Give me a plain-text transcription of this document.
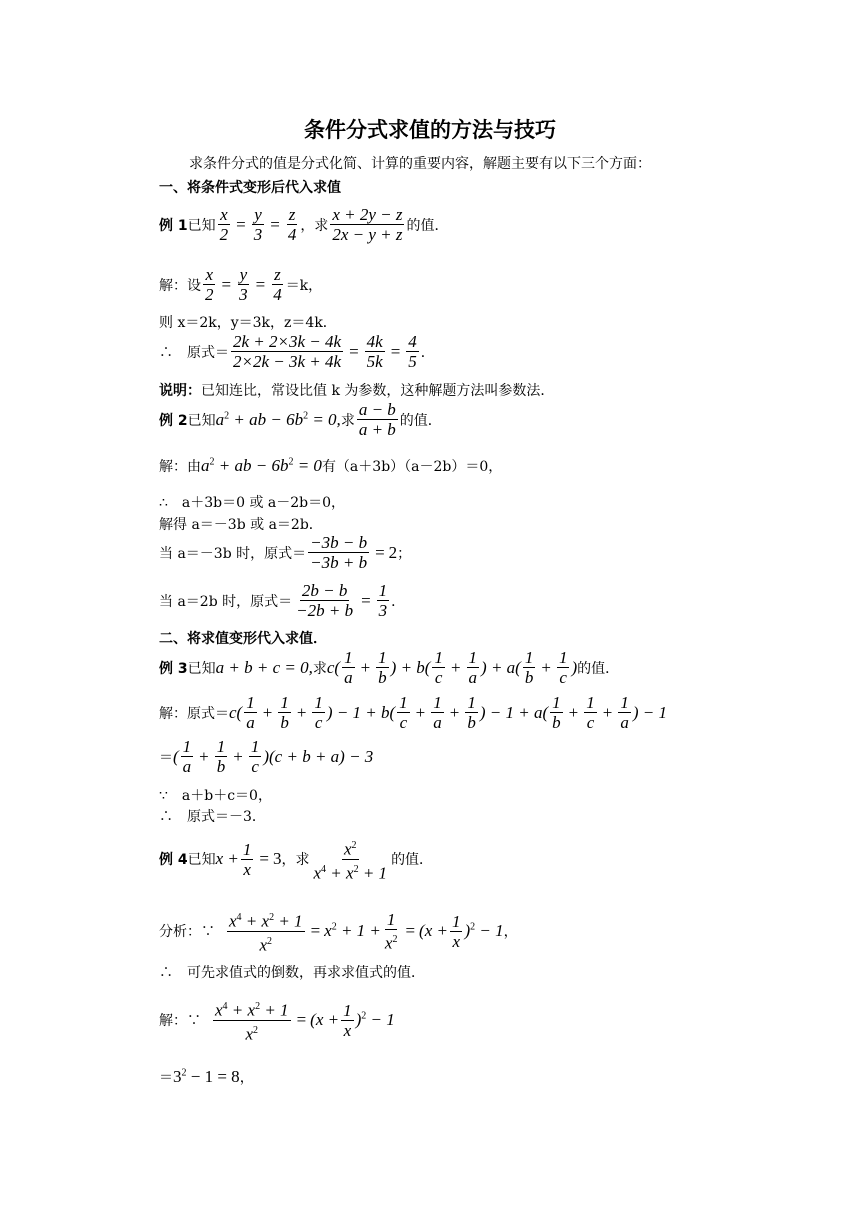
条件分式求值的方法与技巧
求条件分式的值是分式化简、计算的重要内容，解题主要有以下三个方面：
一、将条件式变形后代入求值
例 1 已知 $\frac{x}{2} = \frac{y}{3} = \frac{z}{4}$ ，求 $\frac{x + 2y - z}{2x - y + z}$ 的值．
解：设 $\frac{x}{2} = \frac{y}{3} = \frac{z}{4} =k$，
则 x＝2k，y＝3k，z＝4k．
∴　原式＝ $\frac{2k + 2\times 3k - 4k}{2\times 2k - 3k + 4k} = \frac{4k}{5k} = \frac{4}{5}$ ．
说明： 已知连比，常设比值 k 为参数，这种解题方法叫参数法．
例 2 已知 $a^2$ + ab − $6b^2 = 0$, 求 $\frac{a - b}{a + b}$ 的值．
解：由 $a^2$ + ab − $6b^2 = 0$ 有（a＋3b）（a－2b）＝0，
∴　a＋3b＝0 或 a－2b＝0，
解得 a＝－3b 或 a＝2b．
当 a＝－3b 时，原式＝ $\frac{-3b - b}{-3b + b} = 2$ ；
当 a＝2b 时，原式＝ $\frac{2b - b}{-2b + b} = \frac{1}{3}$ ．
二、将求值变形代入求值．
例 3 已知 a + b + c = 0, 求 $c( \frac{1}{a} + \frac{1}{b}$ ) + $b( \frac{1}{c} + \frac{1}{a}$ ) + $a( \frac{1}{b} + \frac{1}{c}$ ) 的值．
解：原式＝ $c( \frac{1}{a} + \frac{1}{b} + \frac{1}{c}$ ) − $1 + b( \frac{1}{c} + \frac{1}{a} + \frac{1}{b}$ ) − $1 + a( \frac{1}{b} + \frac{1}{c} + \frac{1}{a}$ ) − 1
＝ ( $\frac{1}{a} + \frac{1}{b} + \frac{1}{c} )(c + b + a) - 3$
∵　a＋b＋c＝0，
∴　原式＝－3．
例 4 已知 $x + \frac{1}{x} = 3$ ，求 $\frac{x^2}{x^4 + x^2 + 1}$ 的值．
分析：∵ $\frac{x^4 + x^2 + 1}{x^2} = x^2 + 1 + \frac{1}{x^2} = (x + \frac{1}{x} )^2 - 1$ ，
∴　可先求值式的倒数，再求求值式的值．
解：∵ $\frac{x^4 + x^2 + 1}{x^2} = (x + \frac{1}{x} )^2 - 1$
＝ $3^2 - 1 = 8$ ，
